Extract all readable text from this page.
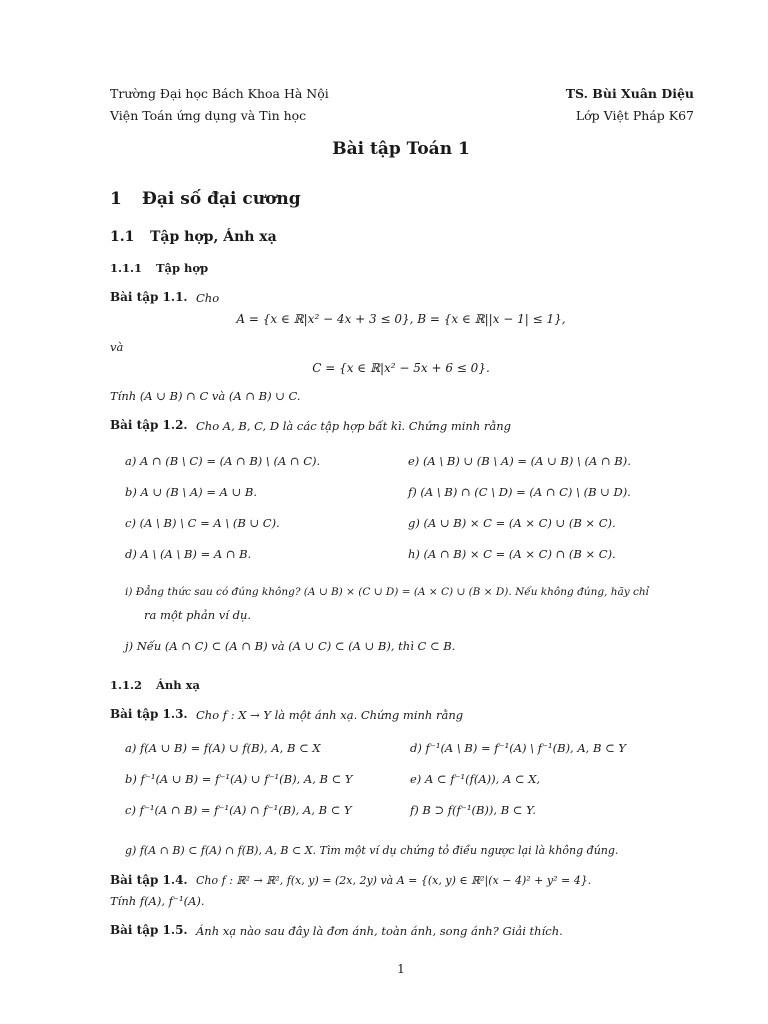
Trường Đại học Bách Khoa Hà Nội
Viện Toán ứng dụng và Tin học
TS. Bùi Xuân Diệu
Lớp Việt Pháp K67
Bài tập Toán 1
1 Đại số đại cương
1.1 Tập hợp, Ánh xạ
1.1.1 Tập hợp
Bài tập 1.1. Cho
A = {x ∈ ℝ|x² − 4x + 3 ≤ 0}, B = {x ∈ ℝ||x − 1| ≤ 1},
và
C = {x ∈ ℝ|x² − 5x + 6 ≤ 0}.
Tính (A ∪ B) ∩ C và (A ∩ B) ∪ C.
Bài tập 1.2. Cho A, B, C, D là các tập hợp bất kì. Chứng minh rằng
a) A ∩ (B \ C) = (A ∩ B) \ (A ∩ C).	e) (A \ B) ∪ (B \ A) = (A ∪ B) \ (A ∩ B).
b) A ∪ (B \ A) = A ∪ B.	f) (A \ B) ∩ (C \ D) = (A ∩ C) \ (B ∪ D).
c) (A \ B) \ C = A \ (B ∪ C).	g) (A ∪ B) × C = (A × C) ∪ (B × C).
d) A \ (A \ B) = A ∩ B.	h) (A ∩ B) × C = (A × C) ∩ (B × C).
i) Đẳng thức sau có đúng không? (A ∪ B) × (C ∪ D) = (A × C) ∪ (B × D). Nếu không đúng, hãy chỉ
ra một phản ví dụ.
j) Nếu (A ∩ C) ⊂ (A ∩ B) và (A ∪ C) ⊂ (A ∪ B), thì C ⊂ B.
1.1.2 Ánh xạ
Bài tập 1.3. Cho f : X → Y là một ánh xạ. Chứng minh rằng
a) f(A ∪ B) = f(A) ∪ f(B), A, B ⊂ X	d) f⁻¹(A \ B) = f⁻¹(A) \ f⁻¹(B), A, B ⊂ Y
b) f⁻¹(A ∪ B) = f⁻¹(A) ∪ f⁻¹(B), A, B ⊂ Y	e) A ⊂ f⁻¹(f(A)), A ⊂ X,
c) f⁻¹(A ∩ B) = f⁻¹(A) ∩ f⁻¹(B), A, B ⊂ Y	f) B ⊃ f(f⁻¹(B)), B ⊂ Y.
g) f(A ∩ B) ⊂ f(A) ∩ f(B), A, B ⊂ X. Tìm một ví dụ chứng tỏ điều ngược lại là không đúng.
Bài tập 1.4. Cho f : ℝ² → ℝ², f(x, y) = (2x, 2y) và A = {(x, y) ∈ ℝ²|(x − 4)² + y² = 4}.
Tính f(A), f⁻¹(A).
Bài tập 1.5. Ánh xạ nào sau đây là đơn ánh, toàn ánh, song ánh? Giải thích.
1
